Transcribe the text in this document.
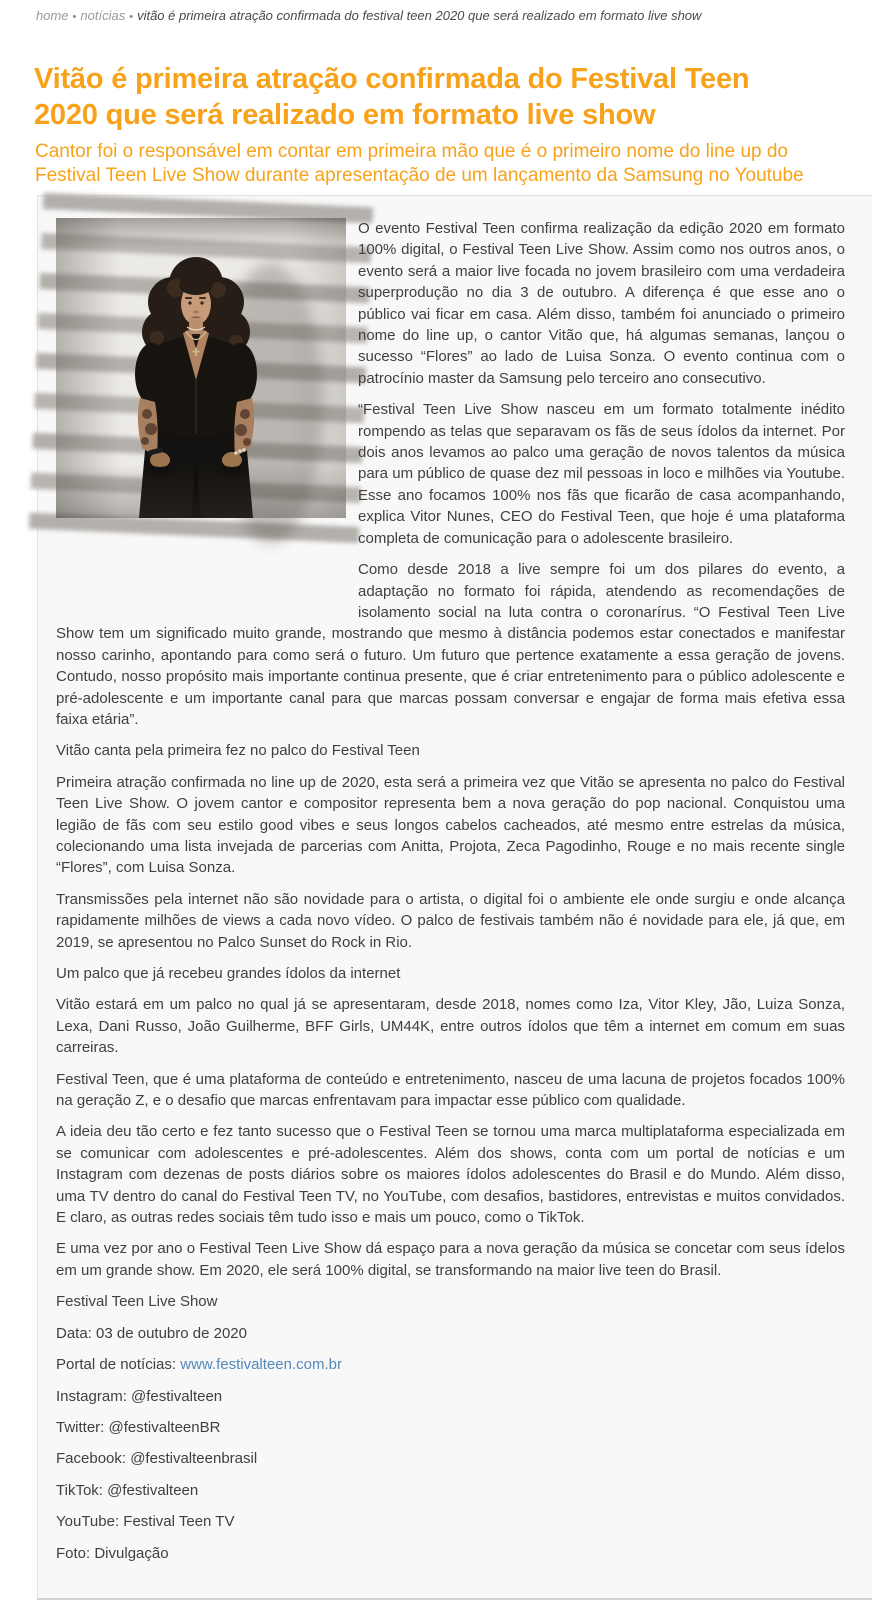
home • notícias • vitão é primeira atração confirmada do festival teen 2020 que será realizado em formato live show
Vitão é primeira atração confirmada do Festival Teen 2020 que será realizado em formato live show
Cantor foi o responsável em contar em primeira mão que é o primeiro nome do line up do Festival Teen Live Show durante apresentação de um lançamento da Samsung no Youtube

O evento Festival Teen confirma realização da edição 2020 em formato 100% digital, o Festival Teen Live Show. Assim como nos outros anos, o evento será a maior live focada no jovem brasileiro com uma verdadeira superprodução no dia 3 de outubro. A diferença é que esse ano o público vai ficar em casa. Além disso, também foi anunciado o primeiro nome do line up, o cantor Vitão que, há algumas semanas, lançou o sucesso “Flores” ao lado de Luisa Sonza. O evento continua com o patrocínio master da Samsung pelo terceiro ano consecutivo.

“Festival Teen Live Show nasceu em um formato totalmente inédito rompendo as telas que separavam os fãs de seus ídolos da internet. Por dois anos levamos ao palco uma geração de novos talentos da música para um público de quase dez mil pessoas in loco e milhões via Youtube. Esse ano focamos 100% nos fãs que ficarão de casa acompanhando, explica Vitor Nunes, CEO do Festival Teen, que hoje é uma plataforma completa de comunicação para o adolescente brasileiro.

Como desde 2018 a live sempre foi um dos pilares do evento, a adaptação no formato foi rápida, atendendo as recomendações de isolamento social na luta contra o coronarírus. “O Festival Teen Live Show tem um significado muito grande, mostrando que mesmo à distância podemos estar conectados e manifestar nosso carinho, apontando para como será o futuro. Um futuro que pertence exatamente a essa geração de jovens. Contudo, nosso propósito mais importante continua presente, que é criar entretenimento para o público adolescente e pré-adolescente e um importante canal para que marcas possam conversar e engajar de forma mais efetiva essa faixa etária”.

Vitão canta pela primeira fez no palco do Festival Teen

Primeira atração confirmada no line up de 2020, esta será a primeira vez que Vitão se apresenta no palco do Festival Teen Live Show. O jovem cantor e compositor representa bem a nova geração do pop nacional. Conquistou uma legião de fãs com seu estilo good vibes e seus longos cabelos cacheados, até mesmo entre estrelas da música, colecionando uma lista invejada de parcerias com Anitta, Projota, Zeca Pagodinho, Rouge e no mais recente single “Flores”, com Luisa Sonza.

Transmissões pela internet não são novidade para o artista, o digital foi o ambiente ele onde surgiu e onde alcança rapidamente milhões de views a cada novo vídeo. O palco de festivais também não é novidade para ele, já que, em 2019, se apresentou no Palco Sunset do Rock in Rio.

Um palco que já recebeu grandes ídolos da internet

Vitão estará em um palco no qual já se apresentaram, desde 2018, nomes como Iza, Vitor Kley, Jão, Luiza Sonza, Lexa, Dani Russo, João Guilherme, BFF Girls, UM44K, entre outros ídolos que têm a internet em comum em suas carreiras.

Festival Teen, que é uma plataforma de conteúdo e entretenimento, nasceu de uma lacuna de projetos focados 100% na geração Z, e o desafio que marcas enfrentavam para impactar esse público com qualidade.

A ideia deu tão certo e fez tanto sucesso que o Festival Teen se tornou uma marca multiplataforma especializada em se comunicar com adolescentes e pré-adolescentes. Além dos shows, conta com um portal de notícias e um Instagram com dezenas de posts diários sobre os maiores ídolos adolescentes do Brasil e do Mundo. Além disso, uma TV dentro do canal do Festival Teen TV, no YouTube, com desafios, bastidores, entrevistas e muitos convidados. E claro, as outras redes sociais têm tudo isso e mais um pouco, como o TikTok.

E uma vez por ano o Festival Teen Live Show dá espaço para a nova geração da música se concetar com seus ídelos em um grande show. Em 2020, ele será 100% digital, se transformando na maior live teen do Brasil.

Festival Teen Live Show

Data: 03 de outubro de 2020

Portal de notícias: www.festivalteen.com.br

Instagram: @festivalteen

Twitter: @festivalteenBR

Facebook: @festivalteenbrasil

TikTok: @festivalteen

YouTube: Festival Teen TV

Foto: Divulgação
